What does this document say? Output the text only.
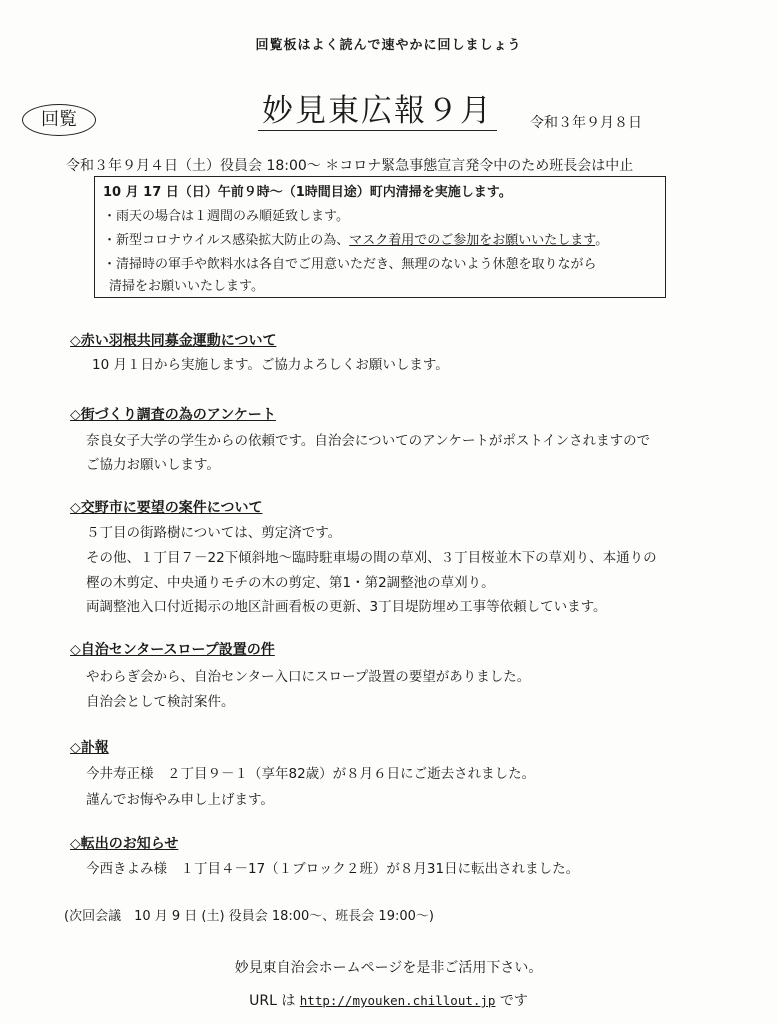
回覧板はよく読んで速やかに回しましょう
回覧	妙見東広報９月	令和３年９月８日
令和３年９月４日（土）役員会 18:00～ ＊コロナ緊急事態宣言発令中のため班長会は中止
10 月 17 日（日）午前９時～（1時間目途）町内清掃を実施します。
・雨天の場合は１週間のみ順延致します。
・新型コロナウイルス感染拡大防止の為、マスク着用でのご参加をお願いいたします。
・清掃時の軍手や飲料水は各自でご用意いただき、無理のないよう休憩を取りながら
清掃をお願いいたします。
◇赤い羽根共同募金運動について
10 月１日から実施します。ご協力よろしくお願いします。
◇街づくり調査の為のアンケート
奈良女子大学の学生からの依頼です。自治会についてのアンケートがポストインされますので
ご協力お願いします。
◇交野市に要望の案件について
５丁目の街路樹については、剪定済です。
その他、１丁目７－22下傾斜地～臨時駐車場の間の草刈、３丁目桜並木下の草刈り、本通りの
樫の木剪定、中央通りモチの木の剪定、第1・第2調整池の草刈り。
両調整池入口付近掲示の地区計画看板の更新、3丁目堤防埋め工事等依頼しています。
◇自治センタースロープ設置の件
やわらぎ会から、自治センター入口にスロープ設置の要望がありました。
自治会として検討案件。
◇訃報
今井寿正様　２丁目９－１（享年82歳）が８月６日にご逝去されました。
謹んでお悔やみ申し上げます。
◇転出のお知らせ
今西きよみ様　１丁目４－17（１ブロック２班）が８月31日に転出されました。
(次回会議　10 月 9 日 (土) 役員会 18:00～、班長会 19:00～)
妙見東自治会ホームページを是非ご活用下さい。
URL は http://myouken.chillout.jp です
